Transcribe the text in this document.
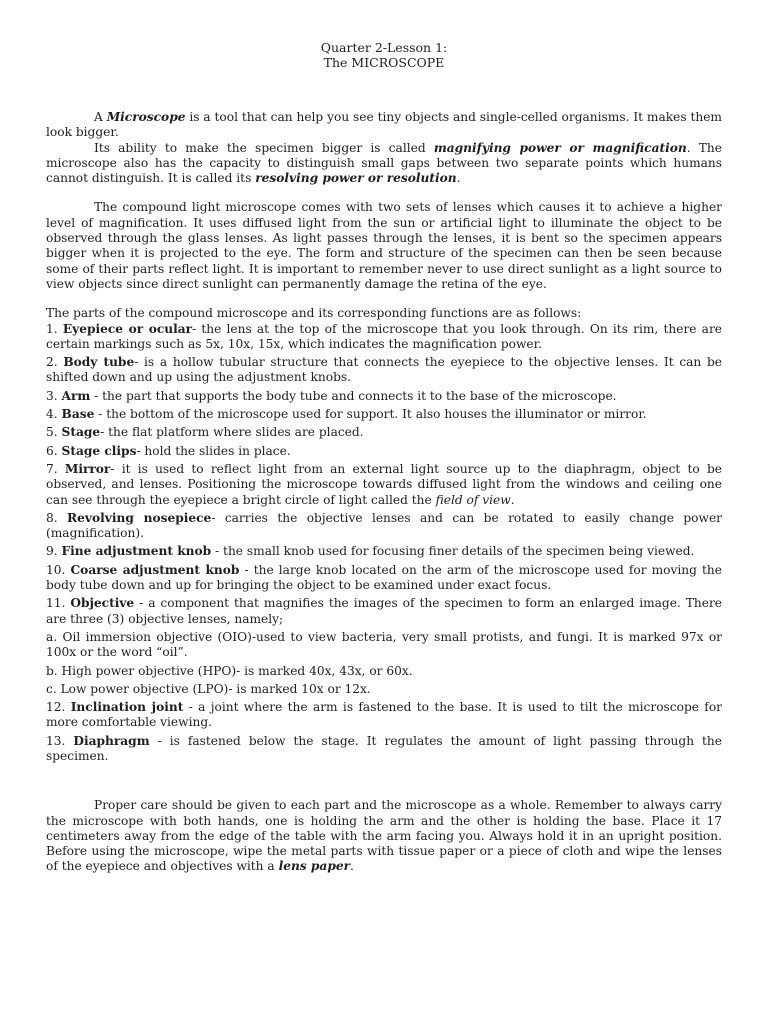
Quarter 2-Lesson 1:
The MICROSCOPE

A Microscope is a tool that can help you see tiny objects and single-celled organisms. It makes them look bigger.

Its ability to make the specimen bigger is called magnifying power or magnification. The microscope also has the capacity to distinguish small gaps between two separate points which humans cannot distinguish. It is called its resolving power or resolution.

The compound light microscope comes with two sets of lenses which causes it to achieve a higher level of magnification. It uses diffused light from the sun or artificial light to illuminate the object to be observed through the glass lenses. As light passes through the lenses, it is bent so the specimen appears bigger when it is projected to the eye. The form and structure of the specimen can then be seen because some of their parts reflect light. It is important to remember never to use direct sunlight as a light source to view objects since direct sunlight can permanently damage the retina of the eye.

The parts of the compound microscope and its corresponding functions are as follows:

1. Eyepiece or ocular- the lens at the top of the microscope that you look through. On its rim, there are certain markings such as 5x, 10x, 15x, which indicates the magnification power.

2. Body tube- is a hollow tubular structure that connects the eyepiece to the objective lenses. It can be shifted down and up using the adjustment knobs.

3. Arm - the part that supports the body tube and connects it to the base of the microscope.

4. Base - the bottom of the microscope used for support. It also houses the illuminator or mirror.

5. Stage- the flat platform where slides are placed.

6. Stage clips- hold the slides in place.

7. Mirror- it is used to reflect light from an external light source up to the diaphragm, object to be observed, and lenses. Positioning the microscope towards diffused light from the windows and ceiling one can see through the eyepiece a bright circle of light called the field of view.

8. Revolving nosepiece- carries the objective lenses and can be rotated to easily change power (magnification).

9. Fine adjustment knob - the small knob used for focusing finer details of the specimen being viewed.

10. Coarse adjustment knob - the large knob located on the arm of the microscope used for moving the body tube down and up for bringing the object to be examined under exact focus.

11. Objective - a component that magnifies the images of the specimen to form an enlarged image. There are three (3) objective lenses, namely;

a. Oil immersion objective (OIO)-used to view bacteria, very small protists, and fungi. It is marked 97x or 100x or the word “oil”.

b. High power objective (HPO)- is marked 40x, 43x, or 60x.

c. Low power objective (LPO)- is marked 10x or 12x.

12. Inclination joint - a joint where the arm is fastened to the base. It is used to tilt the microscope for more comfortable viewing.

13. Diaphragm - is fastened below the stage. It regulates the amount of light passing through the specimen.

Proper care should be given to each part and the microscope as a whole. Remember to always carry the microscope with both hands, one is holding the arm and the other is holding the base. Place it 17 centimeters away from the edge of the table with the arm facing you. Always hold it in an upright position. Before using the microscope, wipe the metal parts with tissue paper or a piece of cloth and wipe the lenses of the eyepiece and objectives with a lens paper.
